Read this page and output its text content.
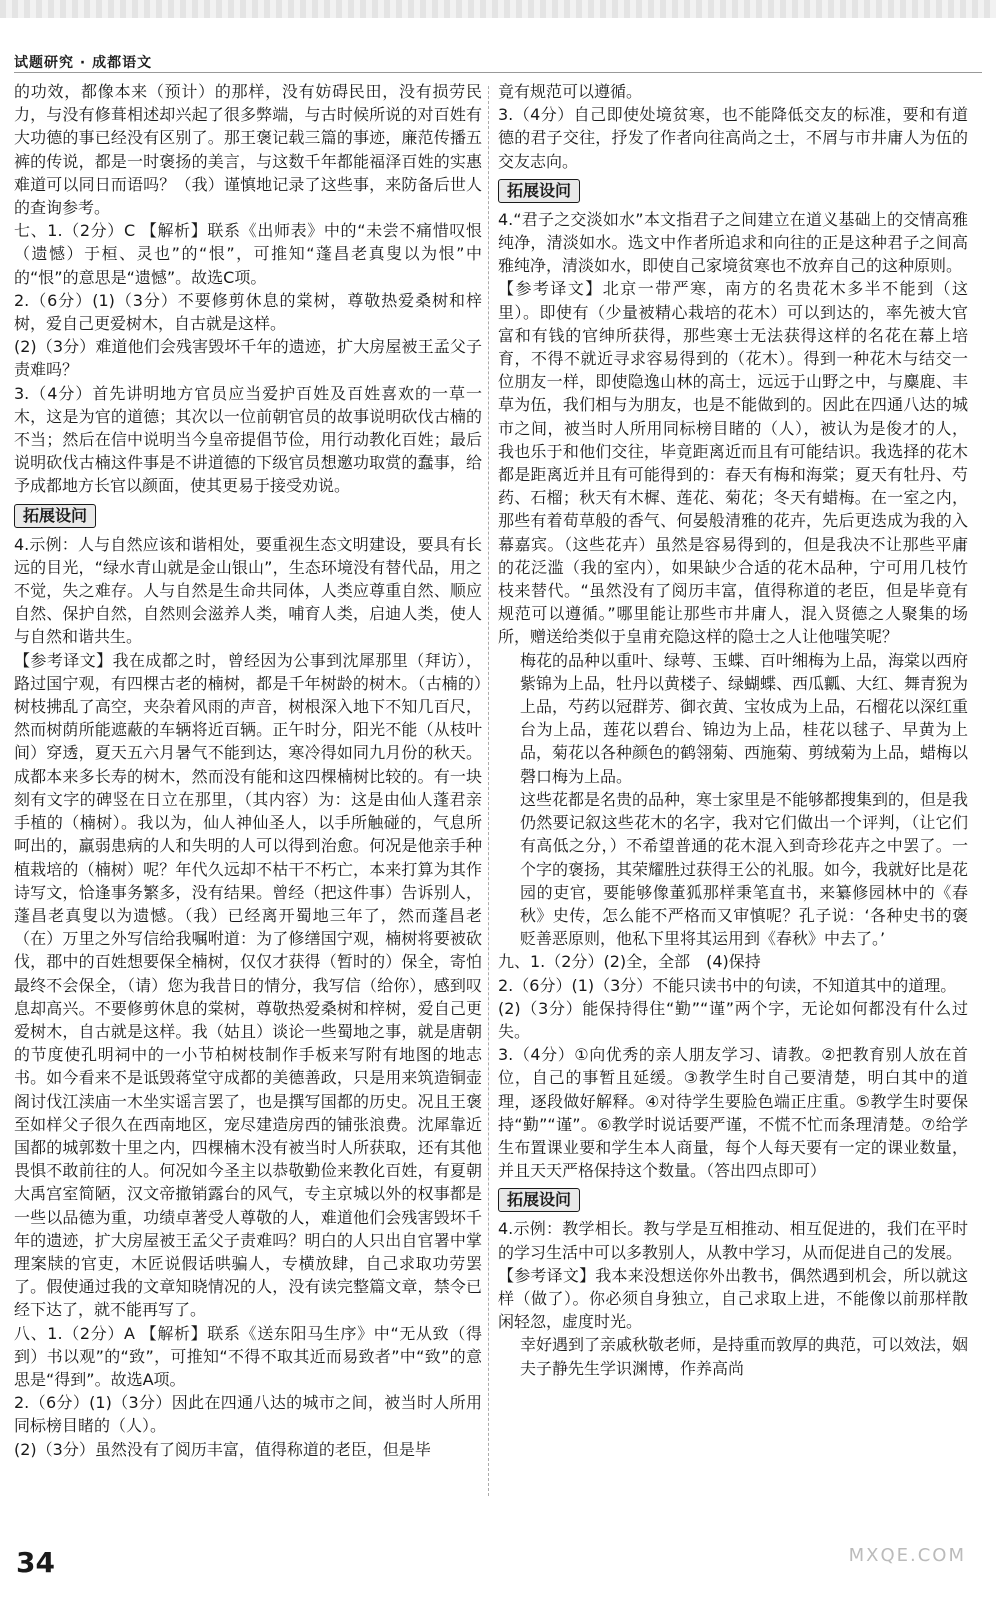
试题研究 · 成都语文

的功效，都像本来（预计）的那样，没有妨碍民田，没有损劳民力，与没有修葺相述却兴起了很多弊端，与古时候所说的对百姓有大功德的事已经没有区别了。那王褒记载三篇的事迹，廉范传播五裤的传说，都是一时褒扬的美言，与这数千年都能福泽百姓的实惠难道可以同日而语吗？（我）谨慎地记录了这些事，来防备后世人的查询参考。

七、1.（2分）C 【解析】联系《出师表》中的“未尝不痛惜叹恨（遗憾）于桓、灵也”的“恨”，可推知“蓬昌老真叟以为恨”中的“恨”的意思是“遗憾”。故选C项。

2.（6分）(1)（3分）不要修剪休息的棠树，尊敬热爱桑树和梓树，爱自己更爱树木，自古就是这样。

(2)（3分）难道他们会残害毁坏千年的遗迹，扩大房屋被王孟父子责难吗？

3.（4分）首先讲明地方官员应当爱护百姓及百姓喜欢的一草一木，这是为官的道德；其次以一位前朝官员的故事说明砍伐古楠的不当；然后在信中说明当今皇帝提倡节俭，用行动教化百姓；最后说明砍伐古楠这件事是不讲道德的下级官员想邀功取赏的蠢事，给予成都地方长官以颜面，使其更易于接受劝说。

拓展设问

4.示例：人与自然应该和谐相处，要重视生态文明建设，要具有长远的目光，“绿水青山就是金山银山”，生态环境没有替代品，用之不觉，失之难存。人与自然是生命共同体，人类应尊重自然、顺应自然、保护自然，自然则会滋养人类，哺育人类，启迪人类，使人与自然和谐共生。

【参考译文】我在成都之时，曾经因为公事到沈犀那里（拜访），路过国宁观，有四棵古老的楠树，都是千年树龄的树木。（古楠的）树枝拂乱了高空，夹杂着风雨的声音，树根深入地下不知几百尺，然而树荫所能遮蔽的车辆将近百辆。正午时分，阳光不能（从枝叶间）穿透，夏天五六月暑气不能到达，寒冷得如同九月份的秋天。成都本来多长寿的树木，然而没有能和这四棵楠树比较的。有一块刻有文字的碑竖在日立在那里，（其内容）为：这是由仙人蓬君亲手植的（楠树）。我以为，仙人神仙圣人，以手所触碰的，气息所呵出的，羸弱患病的人和失明的人可以得到治愈。何况是他亲手种植栽培的（楠树）呢？年代久远却不枯干不朽亡，本来打算为其作诗写文，恰逢事务繁多，没有结果。曾经（把这件事）告诉别人，蓬昌老真叟以为遗憾。（我）已经离开蜀地三年了，然而蓬昌老（在）万里之外写信给我嘱咐道：为了修缮国宁观，楠树将要被砍伐，郡中的百姓想要保全楠树，仅仅才获得（暂时的）保全，寄怕最终不会保全，（请）您为我昔日的情分，我写信（给你），感到叹息却高兴。不要修剪休息的棠树，尊敬热爱桑树和梓树，爱自己更爱树木，自古就是这样。我（姑且）谈论一些蜀地之事，就是唐朝的节度使孔明祠中的一小节柏树枝制作手板来写附有地图的地志书。如今看来不是诋毁蒋堂守成都的美德善政，只是用来筑造铜壶阁讨伐江渎庙一木坐实谣言罢了，也是撰写国都的历史。况且王褒至如样父子很久在西南地区，宠尽建造房西的铺张浪费。沈犀靠近国都的城郭数十里之内，四棵楠木没有被当时人所获取，还有其他畏惧不敢前往的人。何况如今圣主以恭敬勤俭来教化百姓，有夏朝大禹宫室简陋，汉文帝撤销露台的风气，专主京城以外的权事都是一些以品德为重，功绩卓著受人尊敬的人，难道他们会残害毁坏千年的遗迹，扩大房屋被王孟父子责难吗？明白的人只出自官署中掌理案牍的官吏，木匠说假话哄骗人，专横放肆，自己求取功劳罢了。假使通过我的文章知晓情况的人，没有读完整篇文章，禁令已经下达了，就不能再写了。

八、1.（2分）A 【解析】联系《送东阳马生序》中“无从致（得到）书以观”的“致”，可推知“不得不取其近而易致者”中“致”的意思是“得到”。故选A项。

2.（6分）(1)（3分）因此在四通八达的城市之间，被当时人所用同标榜目睹的（人）。

(2)（3分）虽然没有了阅历丰富，值得称道的老臣，但是毕

竟有规范可以遵循。

3.（4分）自己即使处境贫寒，也不能降低交友的标准，要和有道德的君子交往，抒发了作者向往高尚之士，不屑与市井庸人为伍的交友志向。

拓展设问

4.“君子之交淡如水”本文指君子之间建立在道义基础上的交情高雅纯净，清淡如水。选文中作者所追求和向往的正是这种君子之间高雅纯净，清淡如水，即使自己家境贫寒也不放弃自己的这种原则。

【参考译文】北京一带严寒，南方的名贵花木多半不能到（这里）。即使有（少量被精心栽培的花木）可以到达的，率先被大官富和有钱的官绅所获得，那些寒士无法获得这样的名花在幕上培育，不得不就近寻求容易得到的（花木）。得到一种花木与结交一位朋友一样，即使隐逸山林的高士，远远于山野之中，与麋鹿、丰草为伍，我们相与为朋友，也是不能做到的。因此在四通八达的城市之间，被当时人所用同标榜目睹的（人），被认为是俊才的人，我也乐于和他们交往，毕竟距离近而且有可能结识。我选择的花木都是距离近并且有可能得到的：春天有梅和海棠；夏天有牡丹、芍药、石榴；秋天有木樨、莲花、菊花；冬天有蜡梅。在一室之内，那些有着荀草般的香气、何晏般清雅的花卉，先后更迭成为我的入幕嘉宾。（这些花卉）虽然是容易得到的，但是我决不让那些平庸的花泛滥（我的室内），如果缺少合适的花木品种，宁可用几枝竹枝来替代。“虽然没有了阅历丰富，值得称道的老臣，但是毕竟有规范可以遵循。”哪里能让那些市井庸人，混入贤德之人聚集的场所，赠送给类似于皇甫充隐这样的隐士之人让他嗤笑呢？

梅花的品种以重叶、绿萼、玉蝶、百叶缃梅为上品，海棠以西府紫锦为上品，牡丹以黄楼子、绿蝴蝶、西瓜瓤、大红、舞青猊为上品，芍药以冠群芳、御衣黄、宝妆成为上品，石榴花以深红重台为上品，莲花以碧台、锦边为上品，桂花以毬子、早黄为上品，菊花以各种颜色的鹤翎菊、西施菊、剪绒菊为上品，蜡梅以磬口梅为上品。

这些花都是名贵的品种，寒士家里是不能够都搜集到的，但是我仍然要记叙这些花木的名字，我对它们做出一个评判，（让它们有高低之分，）不希望普通的花木混入到奇珍花卉之中罢了。一个字的褒扬，其荣耀胜过获得王公的礼服。如今，我就好比是花园的吏官，要能够像董狐那样秉笔直书，来纂修园林中的《春秋》史传，怎么能不严格而又审慎呢？孔子说：‘各种史书的褒贬善恶原则，他私下里将其运用到《春秋》中去了。’

九、1.（2分）(2)全，全部　(4)保持

2.（6分）(1)（3分）不能只读书中的句读，不知道其中的道理。

(2)（3分）能保持得住“勤”“谨”两个字，无论如何都没有什么过失。

3.（4分）①向优秀的亲人朋友学习、请教。②把教育别人放在首位，自己的事暂且延缓。③教学生时自己要清楚，明白其中的道理，逐段做好解释。④对待学生要脸色端正庄重。⑤教学生时要保持“勤”“谨”。⑥教学时说话要严谨，不慌不忙而条理清楚。⑦给学生布置课业要和学生本人商量，每个人每天要有一定的课业数量，并且天天严格保持这个数量。（答出四点即可）

拓展设问

4.示例：教学相长。教与学是互相推动、相互促进的，我们在平时的学习生活中可以多教别人，从教中学习，从而促进自己的发展。

【参考译文】我本来没想送你外出教书，偶然遇到机会，所以就这样（做了）。你必须自身独立，自己求取上进，不能像以前那样散闲轻忽，虚度时光。

幸好遇到了亲戚秋敬老师，是持重而敦厚的典范，可以效法，姻夫子静先生学识渊博，作养高尚

34	MXQE.COM
